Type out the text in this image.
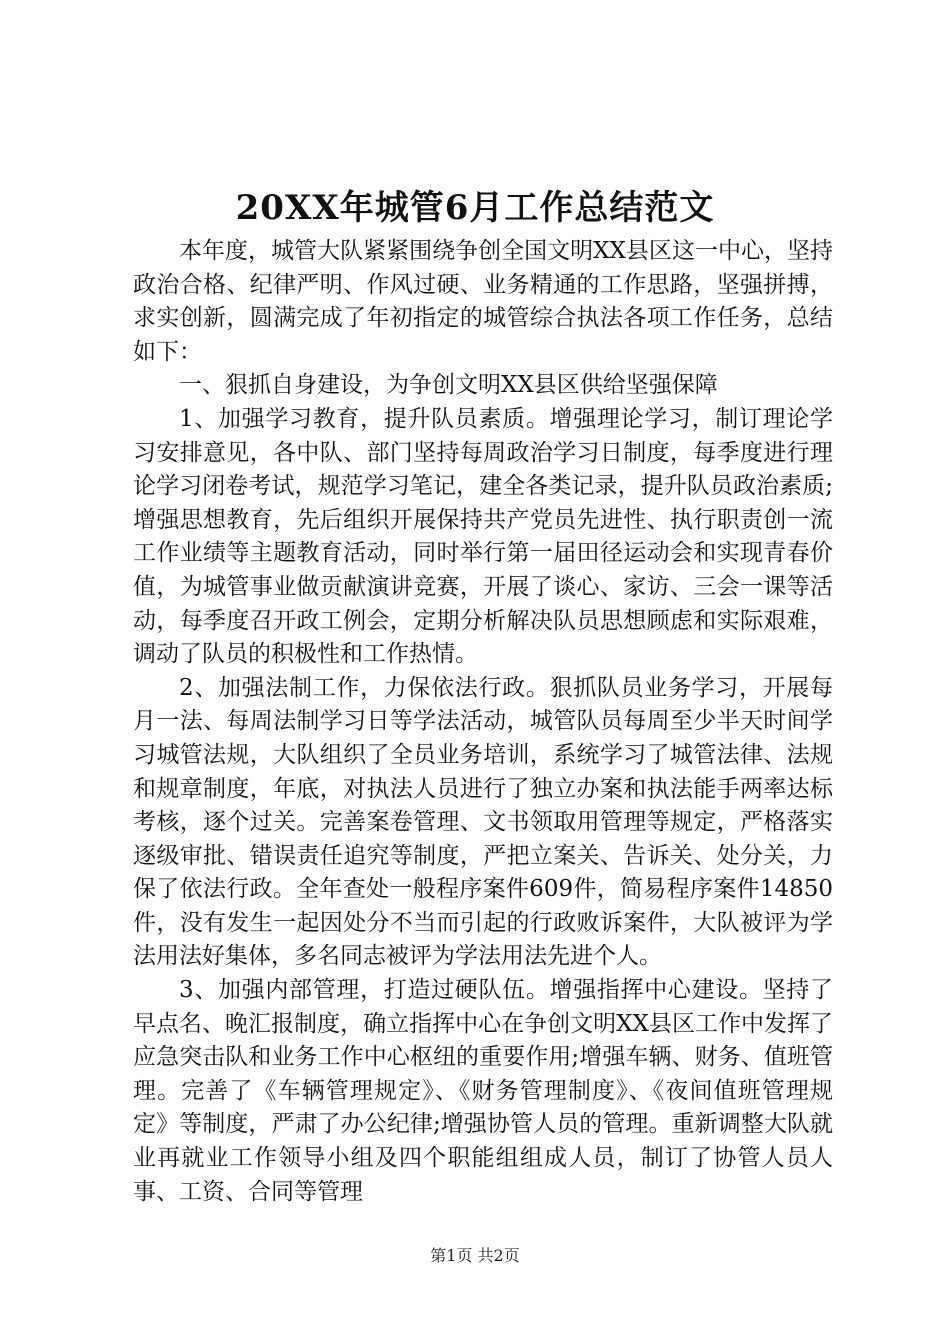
20XX年城管6月工作总结范文

本年度，城管大队紧紧围绕争创全国文明XX县区这一中心，坚持政治合格、纪律严明、作风过硬、业务精通的工作思路，坚强拼搏，求实创新，圆满完成了年初指定的城管综合执法各项工作任务，总结如下：

一、狠抓自身建设，为争创文明XX县区供给坚强保障

1、加强学习教育，提升队员素质。增强理论学习，制订理论学习安排意见，各中队、部门坚持每周政治学习日制度，每季度进行理论学习闭卷考试，规范学习笔记，建全各类记录，提升队员政治素质;增强思想教育，先后组织开展保持共产党员先进性、执行职责创一流工作业绩等主题教育活动，同时举行第一届田径运动会和实现青春价值，为城管事业做贡献演讲竞赛，开展了谈心、家访、三会一课等活动，每季度召开政工例会，定期分析解决队员思想顾虑和实际艰难，调动了队员的积极性和工作热情。

2、加强法制工作，力保依法行政。狠抓队员业务学习，开展每月一法、每周法制学习日等学法活动，城管队员每周至少半天时间学习城管法规，大队组织了全员业务培训，系统学习了城管法律、法规和规章制度，年底，对执法人员进行了独立办案和执法能手两率达标考核，逐个过关。完善案卷管理、文书领取用管理等规定，严格落实逐级审批、错误责任追究等制度，严把立案关、告诉关、处分关，力保了依法行政。全年查处一般程序案件609件，简易程序案件14850件，没有发生一起因处分不当而引起的行政败诉案件，大队被评为学法用法好集体，多名同志被评为学法用法先进个人。

3、加强内部管理，打造过硬队伍。增强指挥中心建设。坚持了早点名、晚汇报制度，确立指挥中心在争创文明XX县区工作中发挥了应急突击队和业务工作中心枢纽的重要作用;增强车辆、财务、值班管理。完善了《车辆管理规定》、《财务管理制度》、《夜间值班管理规定》等制度，严肃了办公纪律;增强协管人员的管理。重新调整大队就业再就业工作领导小组及四个职能组组成人员，制订了协管人员人事、工资、合同等管理

第1页 共2页
